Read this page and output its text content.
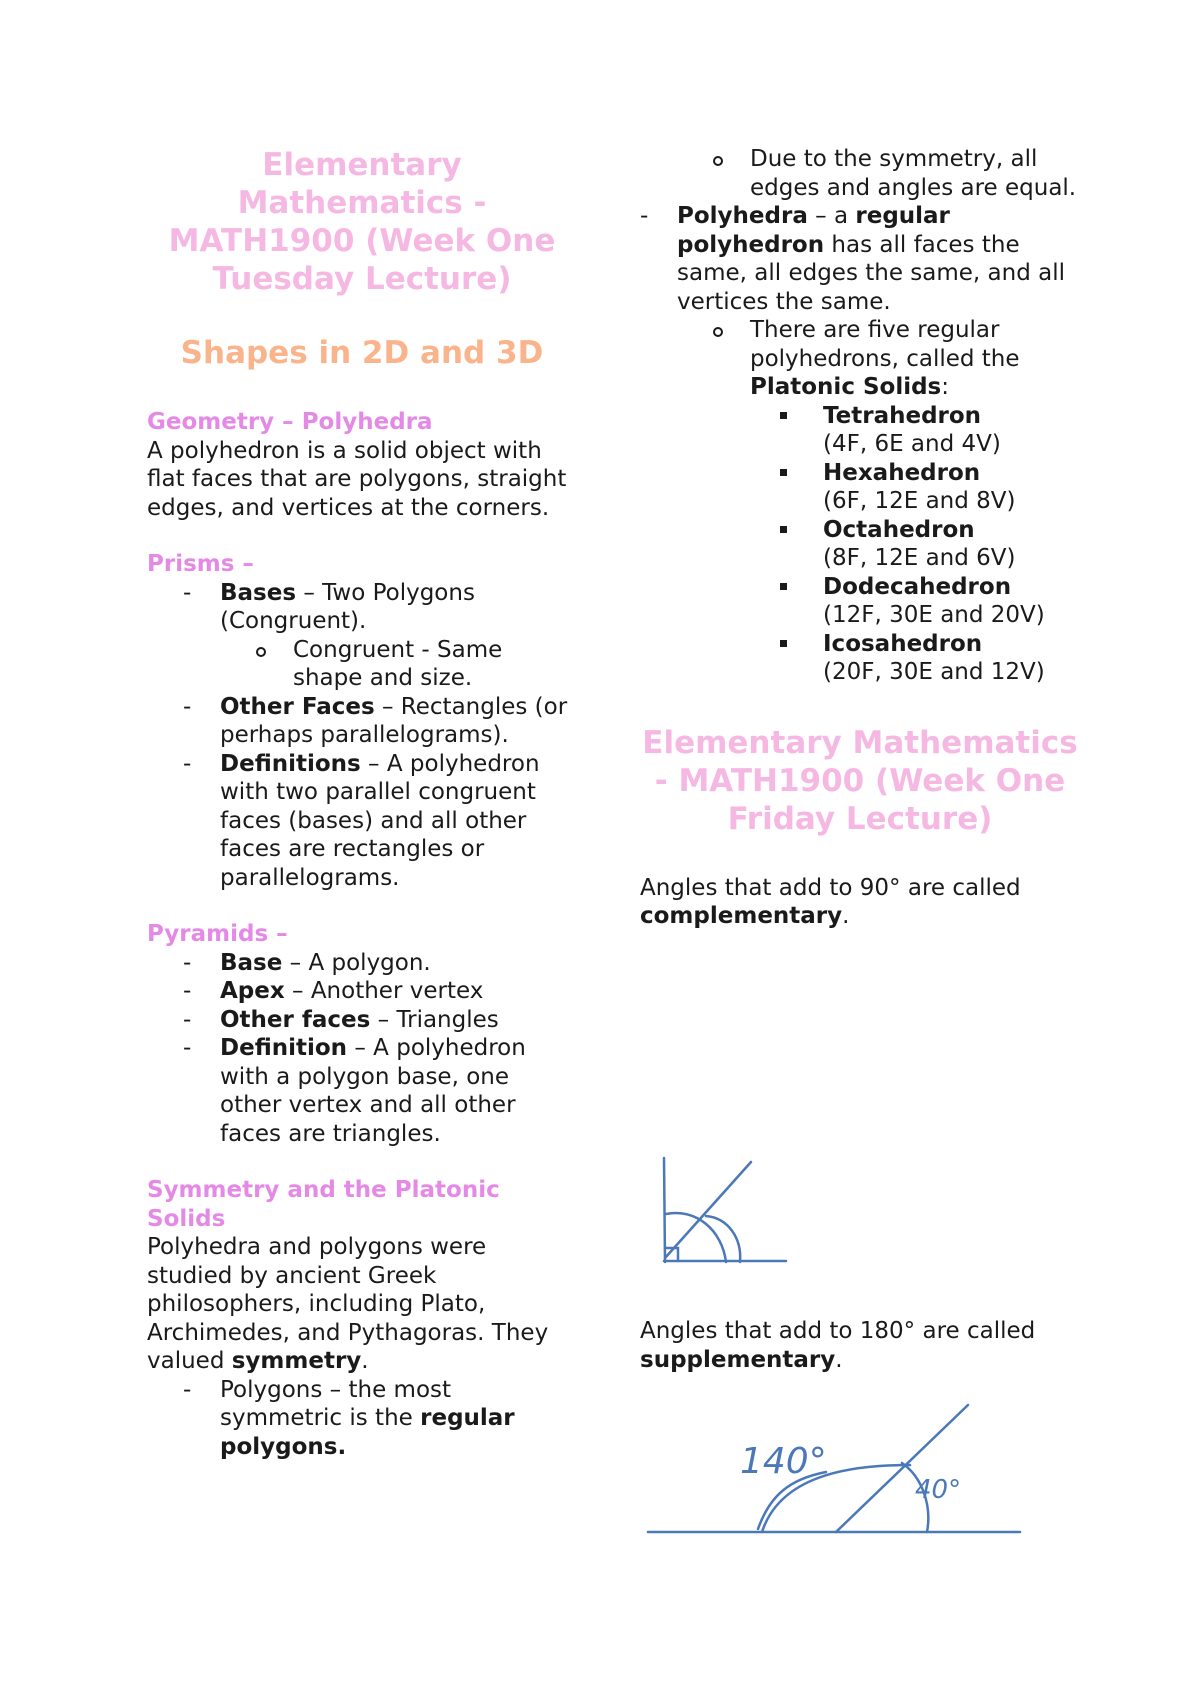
Elementary Mathematics - MATH1900 (Week One Tuesday Lecture)
Shapes in 2D and 3D
Geometry – Polyhedra

A polyhedron is a solid object with flat faces that are polygons, straight edges, and vertices at the corners.

Prisms –
- Bases – Two Polygons (Congruent).
Congruent - Same shape and size.
- Other Faces – Rectangles (or perhaps parallelograms).
- Definitions – A polyhedron with two parallel congruent faces (bases) and all other faces are rectangles or parallelograms.
Pyramids –
- Base – A polygon.
- Apex – Another vertex
- Other faces – Triangles
- Definition – A polyhedron with a polygon base, one other vertex and all other faces are triangles.
Symmetry and the Platonic Solids

Polyhedra and polygons were studied by ancient Greek philosophers, including Plato, Archimedes, and Pythagoras. They valued symmetry.

- Polygons – the most symmetric is the regular polygons.
Due to the symmetry, all edges and angles are equal.
- Polyhedra – a regular polyhedron has all faces the same, all edges the same, and all vertices the same.
There are five regular polyhedrons, called the Platonic Solids:
Tetrahedron
(4F, 6E and 4V)
Hexahedron
(6F, 12E and 8V)
Octahedron
(8F, 12E and 6V)
Dodecahedron
(12F, 30E and 20V)
Icosahedron
(20F, 30E and 12V)
Elementary Mathematics - MATH1900 (Week One Friday Lecture)

Angles that add to 90° are called complementary.

Angles that add to 180° are called supplementary.

140°
40°
